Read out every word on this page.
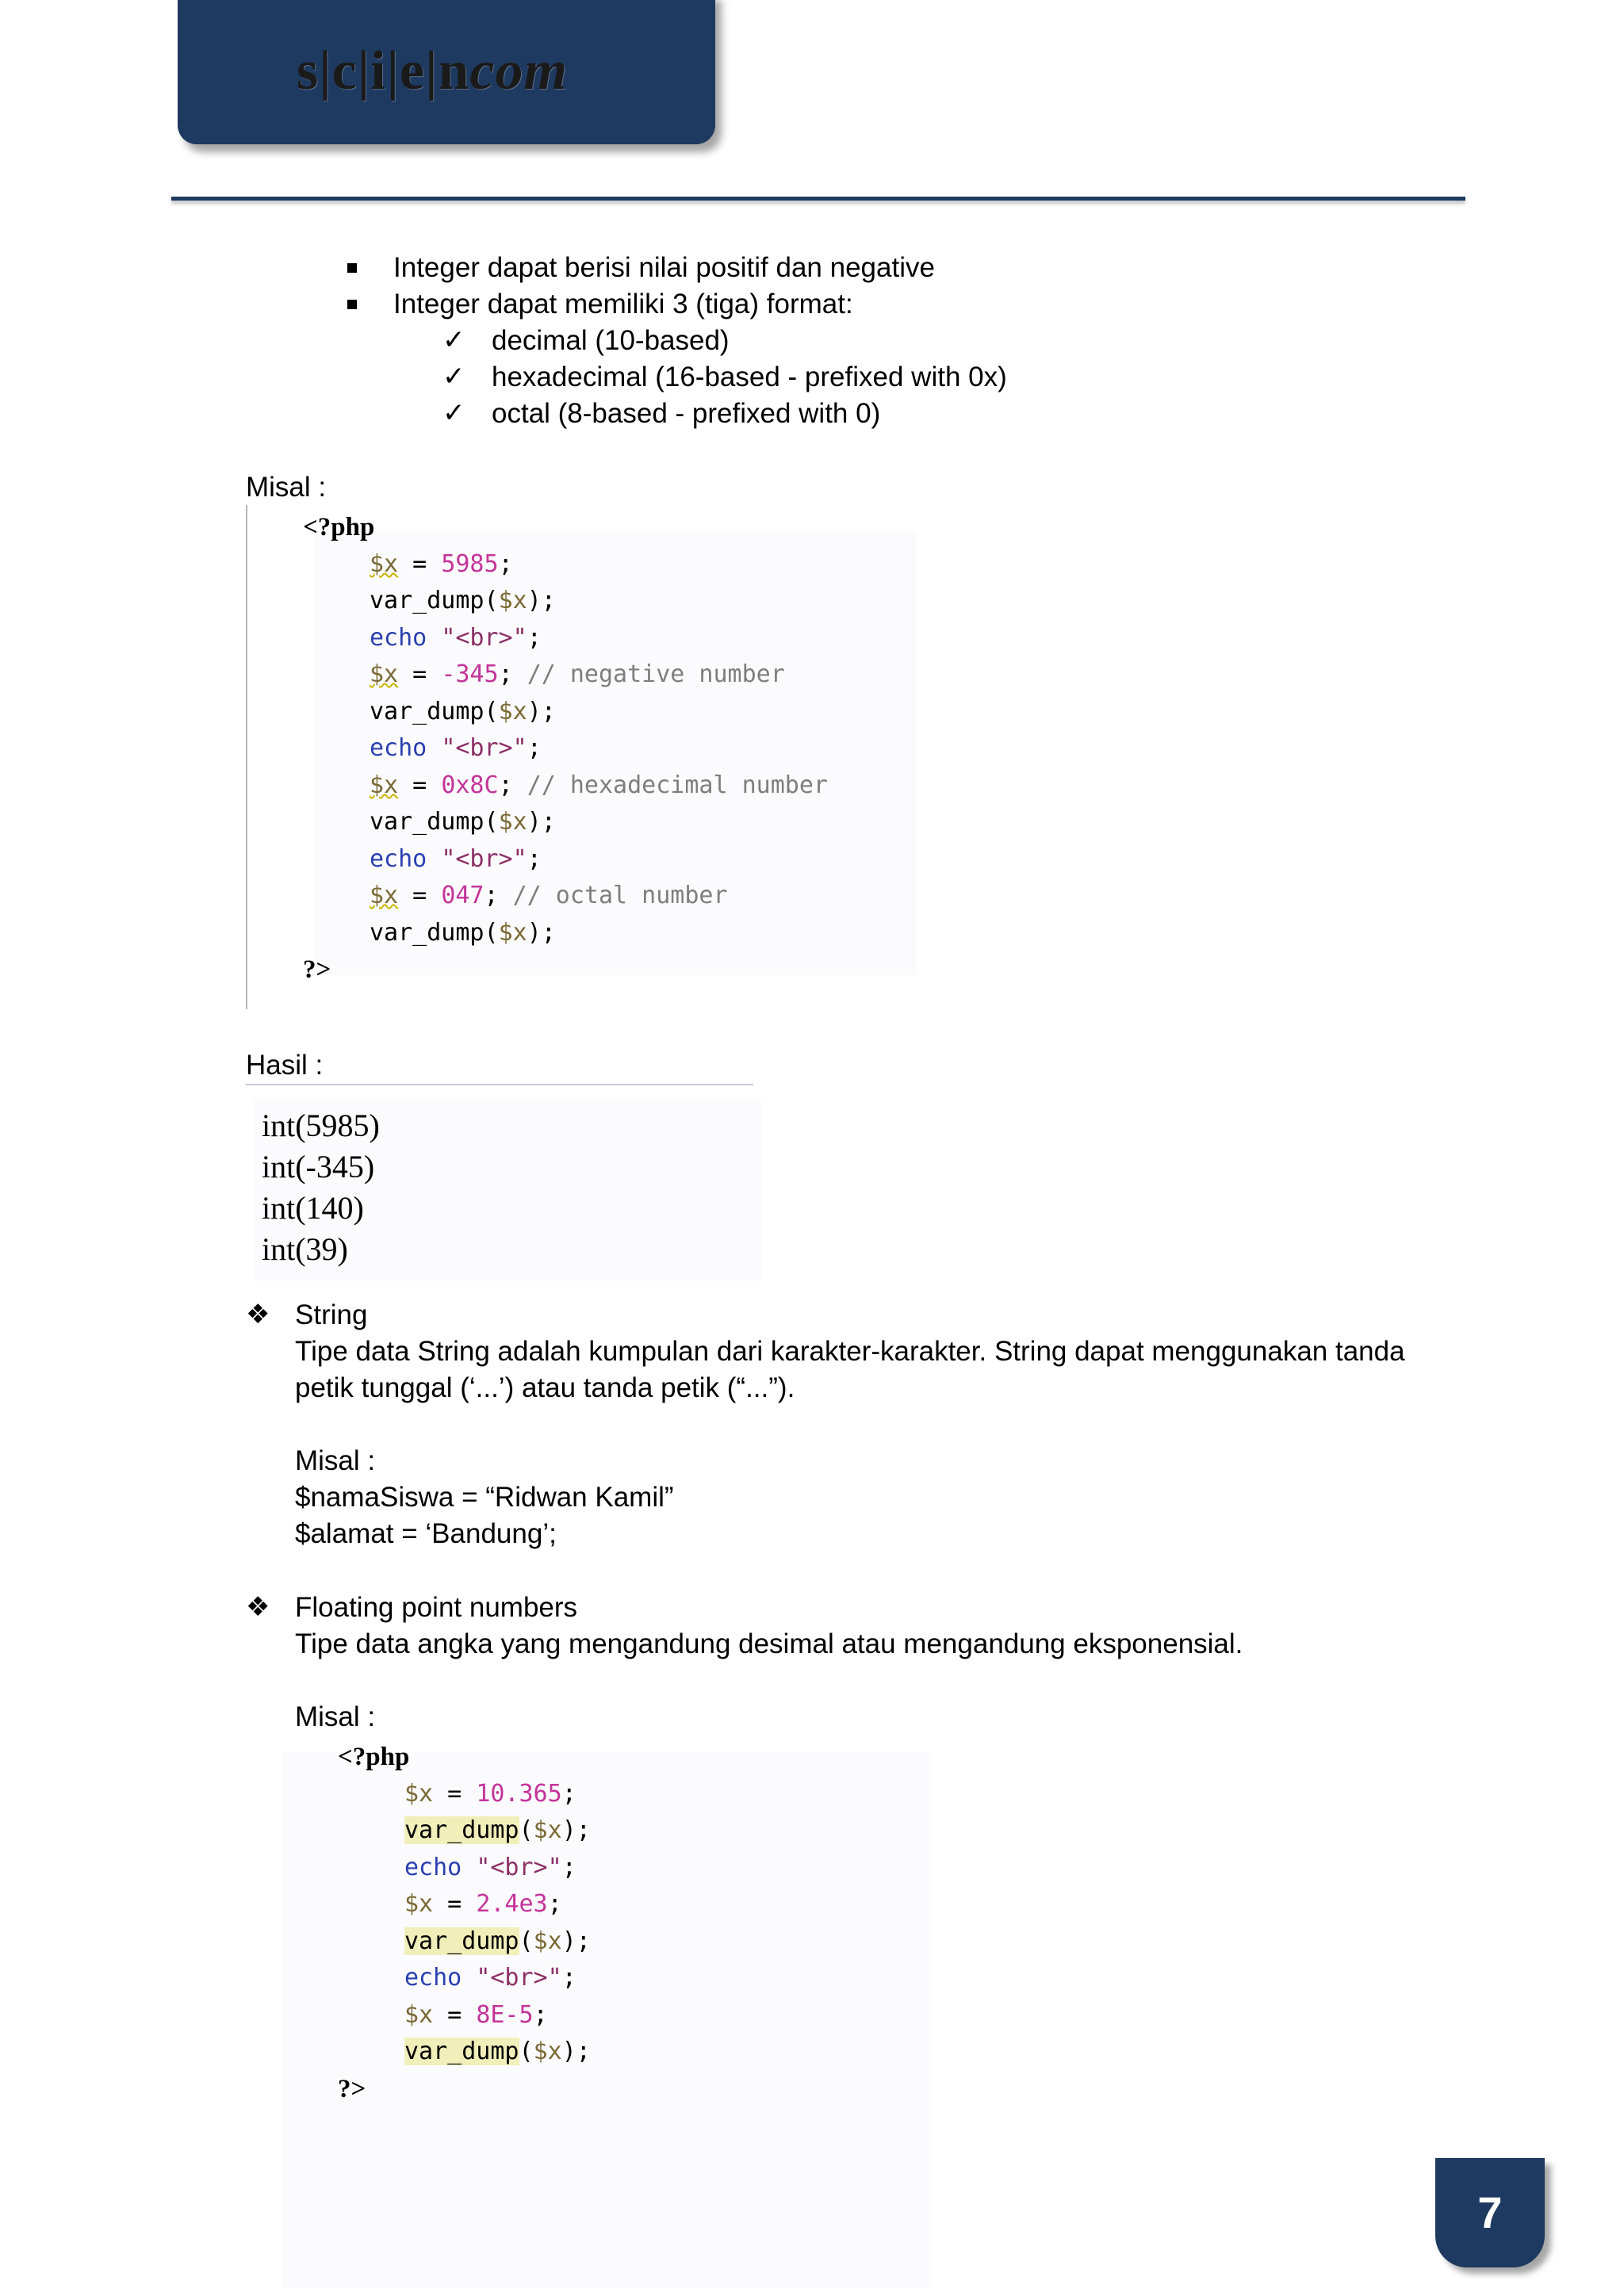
s|c|i|e|ncom
Integer dapat berisi nilai positif dan negative
Integer dapat memiliki 3 (tiga) format:
✓ decimal (10-based)
✓ hexadecimal (16-based - prefixed with 0x)
✓ octal (8-based - prefixed with 0)
Misal :
<?php
$x = 5985;
var_dump($x);
echo "<br>";
$x = -345; // negative number
var_dump($x);
echo "<br>";
$x = 0x8C; // hexadecimal number
var_dump($x);
echo "<br>";
$x = 047; // octal number
var_dump($x);
?>
Hasil :
int(5985)
int(-345)
int(140)
int(39)
❖ String
Tipe data String adalah kumpulan dari karakter-karakter. String dapat menggunakan tanda
petik tunggal (‘...’) atau tanda petik (“...”).
Misal :
$namaSiswa = “Ridwan Kamil”
$alamat = ‘Bandung’;
❖ Floating point numbers
Tipe data angka yang mengandung desimal atau mengandung eksponensial.
Misal :
<?php
$x = 10.365;
var_dump($x);
echo "<br>";
$x = 2.4e3;
var_dump($x);
echo "<br>";
$x = 8E-5;
var_dump($x);
?>
7
